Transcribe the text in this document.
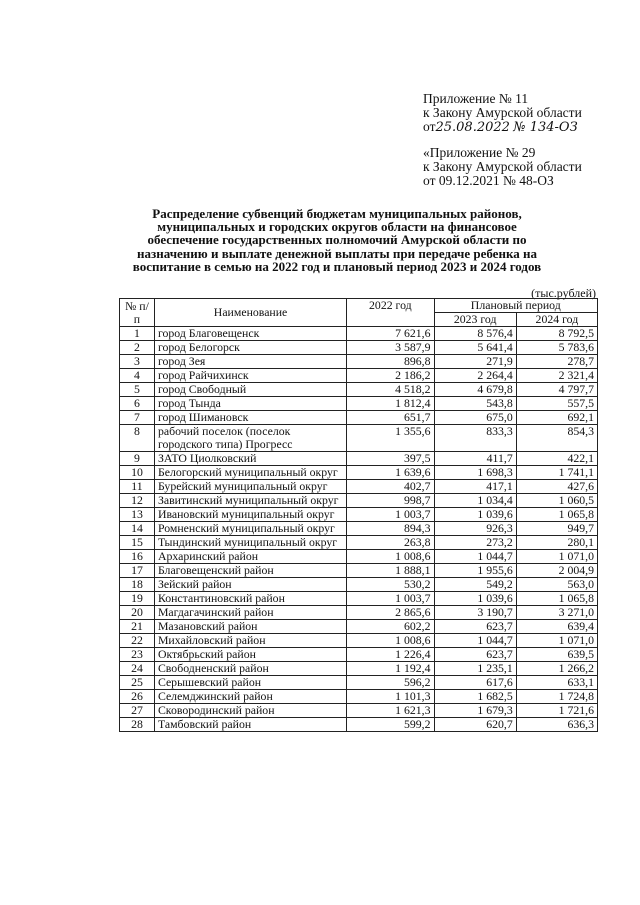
Приложение № 11
к Закону Амурской области
от25.08.2022 № 134-ОЗ
«Приложение № 29
к Закону Амурской области
от 09.12.2021 № 48-ОЗ
Распределение субвенций бюджетам муниципальных районов, муниципальных и городских округов области на финансовое обеспечение государственных полномочий Амурской области по назначению и выплате денежной выплаты при передаче ребенка на воспитание в семью на 2022 год и плановый период 2023 и 2024 годов
(тыс.рублей)
№ п/п	Наименование	2022 год	Плановый период	
			2023 год	2024 год
1	город Благовещенск	7 621,6	8 576,4	8 792,5
2	город Белогорск	3 587,9	5 641,4	5 783,6
3	город Зея	896,8	271,9	278,7
4	город Райчихинск	2 186,2	2 264,4	2 321,4
5	город Свободный	4 518,2	4 679,8	4 797,7
6	город Тында	1 812,4	543,8	557,5
7	город Шимановск	651,7	675,0	692,1
8	рабочий поселок (поселок городского типа) Прогресс	1 355,6	833,3	854,3
9	ЗАТО Циолковский	397,5	411,7	422,1
10	Белогорский муниципальный округ	1 639,6	1 698,3	1 741,1
11	Бурейский муниципальный округ	402,7	417,1	427,6
12	Завитинский муниципальный округ	998,7	1 034,4	1 060,5
13	Ивановский муниципальный округ	1 003,7	1 039,6	1 065,8
14	Ромненский муниципальный округ	894,3	926,3	949,7
15	Тындинский муниципальный округ	263,8	273,2	280,1
16	Архаринский район	1 008,6	1 044,7	1 071,0
17	Благовещенский район	1 888,1	1 955,6	2 004,9
18	Зейский район	530,2	549,2	563,0
19	Константиновский район	1 003,7	1 039,6	1 065,8
20	Магдагачинский район	2 865,6	3 190,7	3 271,0
21	Мазановский район	602,2	623,7	639,4
22	Михайловский район	1 008,6	1 044,7	1 071,0
23	Октябрьский район	1 226,4	623,7	639,5
24	Свободненский район	1 192,4	1 235,1	1 266,2
25	Серышевский район	596,2	617,6	633,1
26	Селемджинский район	1 101,3	1 682,5	1 724,8
27	Сковородинский район	1 621,3	1 679,3	1 721,6
28	Тамбовский район	599,2	620,7	636,3
